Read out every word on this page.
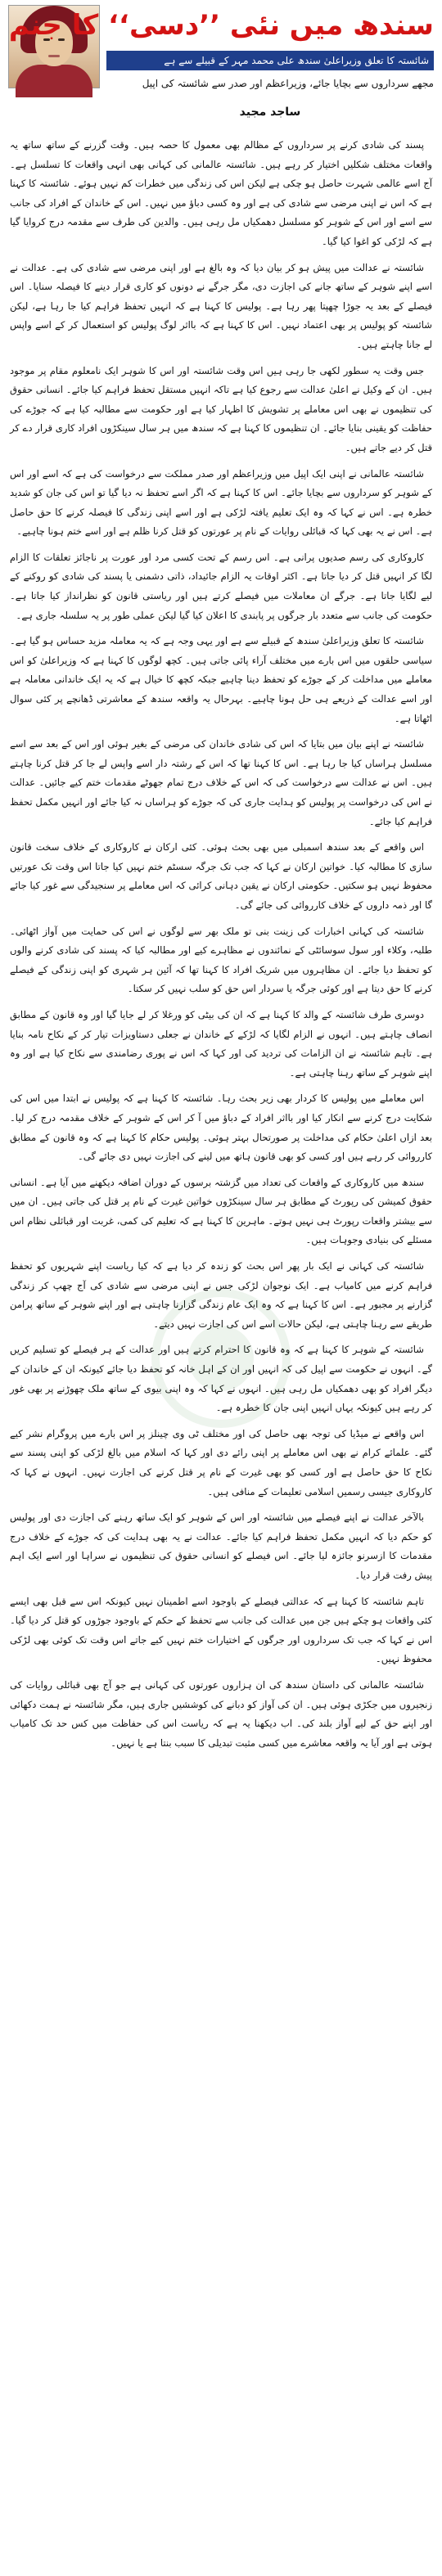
سندھ میں نئی ’’دسی‘‘ کا جنم
شائستہ کا تعلق وزیراعلیٰ سندھ علی محمد مہر کے قبیلے سے ہے
مجھے سرداروں سے بچایا جائے، وزیراعظم اور صدر سے شائستہ کی اپیل
ساجد مجید

پسند کی شادی کرنے پر سرداروں کے مظالم بھی معمول کا حصہ ہیں۔ وقت گزرنے کے ساتھ ساتھ یہ واقعات مختلف شکلیں اختیار کر رہے ہیں۔ شائستہ عالمانی کی کہانی بھی انہی واقعات کا تسلسل ہے۔ آج اسے عالمی شہرت حاصل ہو چکی ہے لیکن اس کی زندگی میں خطرات کم نہیں ہوئے۔ شائستہ کا کہنا ہے کہ اس نے اپنی مرضی سے شادی کی ہے اور وہ کسی دباؤ میں نہیں۔ اس کے خاندان کے افراد کی جانب سے اسے اور اس کے شوہر کو مسلسل دھمکیاں مل رہی ہیں۔ والدین کی طرف سے مقدمہ درج کروایا گیا ہے کہ لڑکی کو اغوا کیا گیا۔

شائستہ نے عدالت میں پیش ہو کر بیان دیا کہ وہ بالغ ہے اور اپنی مرضی سے شادی کی ہے۔ عدالت نے اسے اپنے شوہر کے ساتھ جانے کی اجازت دی، مگر جرگے نے دونوں کو کاری قرار دینے کا فیصلہ سنایا۔ اس فیصلے کے بعد یہ جوڑا چھپتا پھر رہا ہے۔ پولیس کا کہنا ہے کہ انہیں تحفظ فراہم کیا جا رہا ہے، لیکن شائستہ کو پولیس پر بھی اعتماد نہیں۔ اس کا کہنا ہے کہ بااثر لوگ پولیس کو استعمال کر کے اسے واپس لے جانا چاہتے ہیں۔

جس وقت یہ سطور لکھی جا رہی ہیں اس وقت شائستہ اور اس کا شوہر ایک نامعلوم مقام پر موجود ہیں۔ ان کے وکیل نے اعلیٰ عدالت سے رجوع کیا ہے تاکہ انہیں مستقل تحفظ فراہم کیا جائے۔ انسانی حقوق کی تنظیموں نے بھی اس معاملے پر تشویش کا اظہار کیا ہے اور حکومت سے مطالبہ کیا ہے کہ جوڑے کی حفاظت کو یقینی بنایا جائے۔ ان تنظیموں کا کہنا ہے کہ سندھ میں ہر سال سینکڑوں افراد کاری قرار دے کر قتل کر دیے جاتے ہیں۔

شائستہ عالمانی نے اپنی ایک اپیل میں وزیراعظم اور صدر مملکت سے درخواست کی ہے کہ اسے اور اس کے شوہر کو سرداروں سے بچایا جائے۔ اس کا کہنا ہے کہ اگر اسے تحفظ نہ دیا گیا تو اس کی جان کو شدید خطرہ ہے۔ اس نے کہا کہ وہ ایک تعلیم یافتہ لڑکی ہے اور اسے اپنی زندگی کا فیصلہ کرنے کا حق حاصل ہے۔ اس نے یہ بھی کہا کہ قبائلی روایات کے نام پر عورتوں کو قتل کرنا ظلم ہے اور اسے ختم ہونا چاہیے۔

کاروکاری کی رسم صدیوں پرانی ہے۔ اس رسم کے تحت کسی مرد اور عورت پر ناجائز تعلقات کا الزام لگا کر انہیں قتل کر دیا جاتا ہے۔ اکثر اوقات یہ الزام جائیداد، ذاتی دشمنی یا پسند کی شادی کو روکنے کے لیے لگایا جاتا ہے۔ جرگے ان معاملات میں فیصلے کرتے ہیں اور ریاستی قانون کو نظرانداز کیا جاتا ہے۔ حکومت کی جانب سے متعدد بار جرگوں پر پابندی کا اعلان کیا گیا لیکن عملی طور پر یہ سلسلہ جاری ہے۔

شائستہ کا تعلق وزیراعلیٰ سندھ کے قبیلے سے ہے اور یہی وجہ ہے کہ یہ معاملہ مزید حساس ہو گیا ہے۔ سیاسی حلقوں میں اس بارے میں مختلف آراء پائی جاتی ہیں۔ کچھ لوگوں کا کہنا ہے کہ وزیراعلیٰ کو اس معاملے میں مداخلت کر کے جوڑے کو تحفظ دینا چاہیے جبکہ کچھ کا خیال ہے کہ یہ ایک خاندانی معاملہ ہے اور اسے عدالت کے ذریعے ہی حل ہونا چاہیے۔ بہرحال یہ واقعہ سندھ کے معاشرتی ڈھانچے پر کئی سوال اٹھاتا ہے۔

شائستہ نے اپنے بیان میں بتایا کہ اس کی شادی خاندان کی مرضی کے بغیر ہوئی اور اس کے بعد سے اسے مسلسل ہراساں کیا جا رہا ہے۔ اس کا کہنا تھا کہ اس کے رشتہ دار اسے واپس لے جا کر قتل کرنا چاہتے ہیں۔ اس نے عدالت سے درخواست کی کہ اس کے خلاف درج تمام جھوٹے مقدمات ختم کیے جائیں۔ عدالت نے اس کی درخواست پر پولیس کو ہدایت جاری کی کہ جوڑے کو ہراساں نہ کیا جائے اور انہیں مکمل تحفظ فراہم کیا جائے۔

اس واقعے کے بعد سندھ اسمبلی میں بھی بحث ہوئی۔ کئی ارکان نے کاروکاری کے خلاف سخت قانون سازی کا مطالبہ کیا۔ خواتین ارکان نے کہا کہ جب تک جرگہ سسٹم ختم نہیں کیا جاتا اس وقت تک عورتیں محفوظ نہیں ہو سکتیں۔ حکومتی ارکان نے یقین دہانی کرائی کہ اس معاملے پر سنجیدگی سے غور کیا جائے گا اور ذمہ داروں کے خلاف کارروائی کی جائے گی۔

شائستہ کی کہانی اخبارات کی زینت بنی تو ملک بھر سے لوگوں نے اس کی حمایت میں آواز اٹھائی۔ طلبہ، وکلاء اور سول سوسائٹی کے نمائندوں نے مظاہرے کیے اور مطالبہ کیا کہ پسند کی شادی کرنے والوں کو تحفظ دیا جائے۔ ان مظاہروں میں شریک افراد کا کہنا تھا کہ آئین ہر شہری کو اپنی زندگی کے فیصلے کرنے کا حق دیتا ہے اور کوئی جرگہ یا سردار اس حق کو سلب نہیں کر سکتا۔

دوسری طرف شائستہ کے والد کا کہنا ہے کہ ان کی بیٹی کو ورغلا کر لے جایا گیا اور وہ قانون کے مطابق انصاف چاہتے ہیں۔ انہوں نے الزام لگایا کہ لڑکے کے خاندان نے جعلی دستاویزات تیار کر کے نکاح نامہ بنایا ہے۔ تاہم شائستہ نے ان الزامات کی تردید کی اور کہا کہ اس نے پوری رضامندی سے نکاح کیا ہے اور وہ اپنے شوہر کے ساتھ رہنا چاہتی ہے۔

اس معاملے میں پولیس کا کردار بھی زیر بحث رہا۔ شائستہ کا کہنا ہے کہ پولیس نے ابتدا میں اس کی شکایت درج کرنے سے انکار کیا اور بااثر افراد کے دباؤ میں آ کر اس کے شوہر کے خلاف مقدمہ درج کر لیا۔ بعد ازاں اعلیٰ حکام کی مداخلت پر صورتحال بہتر ہوئی۔ پولیس حکام کا کہنا ہے کہ وہ قانون کے مطابق کارروائی کر رہے ہیں اور کسی کو بھی قانون ہاتھ میں لینے کی اجازت نہیں دی جائے گی۔

سندھ میں کاروکاری کے واقعات کی تعداد میں گزشتہ برسوں کے دوران اضافہ دیکھنے میں آیا ہے۔ انسانی حقوق کمیشن کی رپورٹ کے مطابق ہر سال سینکڑوں خواتین غیرت کے نام پر قتل کی جاتی ہیں۔ ان میں سے بیشتر واقعات رپورٹ ہی نہیں ہوتے۔ ماہرین کا کہنا ہے کہ تعلیم کی کمی، غربت اور قبائلی نظام اس مسئلے کی بنیادی وجوہات ہیں۔

شائستہ کی کہانی نے ایک بار پھر اس بحث کو زندہ کر دیا ہے کہ کیا ریاست اپنے شہریوں کو تحفظ فراہم کرنے میں کامیاب ہے۔ ایک نوجوان لڑکی جس نے اپنی مرضی سے شادی کی آج چھپ کر زندگی گزارنے پر مجبور ہے۔ اس کا کہنا ہے کہ وہ ایک عام زندگی گزارنا چاہتی ہے اور اپنے شوہر کے ساتھ پرامن طریقے سے رہنا چاہتی ہے، لیکن حالات اسے اس کی اجازت نہیں دیتے۔

شائستہ کے شوہر کا کہنا ہے کہ وہ قانون کا احترام کرتے ہیں اور عدالت کے ہر فیصلے کو تسلیم کریں گے۔ انہوں نے حکومت سے اپیل کی کہ انہیں اور ان کے اہل خانہ کو تحفظ دیا جائے کیونکہ ان کے خاندان کے دیگر افراد کو بھی دھمکیاں مل رہی ہیں۔ انہوں نے کہا کہ وہ اپنی بیوی کے ساتھ ملک چھوڑنے پر بھی غور کر رہے ہیں کیونکہ یہاں انہیں اپنی جان کا خطرہ ہے۔

اس واقعے نے میڈیا کی توجہ بھی حاصل کی اور مختلف ٹی وی چینلز پر اس بارے میں پروگرام نشر کیے گئے۔ علمائے کرام نے بھی اس معاملے پر اپنی رائے دی اور کہا کہ اسلام میں بالغ لڑکی کو اپنی پسند سے نکاح کا حق حاصل ہے اور کسی کو بھی غیرت کے نام پر قتل کرنے کی اجازت نہیں۔ انہوں نے کہا کہ کاروکاری جیسی رسمیں اسلامی تعلیمات کے منافی ہیں۔

بالآخر عدالت نے اپنے فیصلے میں شائستہ اور اس کے شوہر کو ایک ساتھ رہنے کی اجازت دی اور پولیس کو حکم دیا کہ انہیں مکمل تحفظ فراہم کیا جائے۔ عدالت نے یہ بھی ہدایت کی کہ جوڑے کے خلاف درج مقدمات کا ازسرنو جائزہ لیا جائے۔ اس فیصلے کو انسانی حقوق کی تنظیموں نے سراہا اور اسے ایک اہم پیش رفت قرار دیا۔

تاہم شائستہ کا کہنا ہے کہ عدالتی فیصلے کے باوجود اسے اطمینان نہیں کیونکہ اس سے قبل بھی ایسے کئی واقعات ہو چکے ہیں جن میں عدالت کی جانب سے تحفظ کے حکم کے باوجود جوڑوں کو قتل کر دیا گیا۔ اس نے کہا کہ جب تک سرداروں اور جرگوں کے اختیارات ختم نہیں کیے جاتے اس وقت تک کوئی بھی لڑکی محفوظ نہیں۔

شائستہ عالمانی کی داستان سندھ کی ان ہزاروں عورتوں کی کہانی ہے جو آج بھی قبائلی روایات کی زنجیروں میں جکڑی ہوئی ہیں۔ ان کی آواز کو دبانے کی کوششیں جاری ہیں، مگر شائستہ نے ہمت دکھائی اور اپنے حق کے لیے آواز بلند کی۔ اب دیکھنا یہ ہے کہ ریاست اس کی حفاظت میں کس حد تک کامیاب ہوتی ہے اور آیا یہ واقعہ معاشرے میں کسی مثبت تبدیلی کا سبب بنتا ہے یا نہیں۔
